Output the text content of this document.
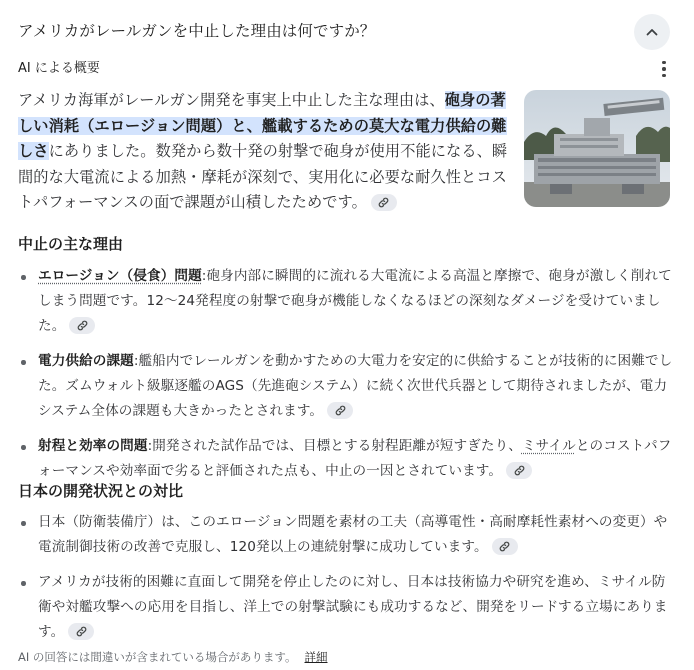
アメリカがレールガンを中止した理由は何ですか？
AI による概要
アメリカ海軍がレールガン開発を事実上中止した主な理由は、砲身の著しい消耗（エロージョン問題）と、艦載するための莫大な電力供給の難しさにありました。数発から数十発の射撃で砲身が使用不能になる、瞬間的な大電流による加熱・摩耗が深刻で、実用化に必要な耐久性とコストパフォーマンスの面で課題が山積したためです。
中止の主な理由
エロージョン（侵食）問題:砲身内部に瞬間的に流れる大電流による高温と摩擦で、砲身が激しく削れてしまう問題です。12〜24発程度の射撃で砲身が機能しなくなるほどの深刻なダメージを受けていました。
電力供給の課題:艦船内でレールガンを動かすための大電力を安定的に供給することが技術的に困難でした。ズムウォルト級駆逐艦のAGS（先進砲システム）に続く次世代兵器として期待されましたが、電力システム全体の課題も大きかったとされます。
射程と効率の問題:開発された試作品では、目標とする射程距離が短すぎたり、ミサイルとのコストパフォーマンスや効率面で劣ると評価された点も、中止の一因とされています。
日本の開発状況との対比
日本（防衛装備庁）は、このエロージョン問題を素材の工夫（高導電性・高耐摩耗性素材への変更）や電流制御技術の改善で克服し、120発以上の連続射撃に成功しています。
アメリカが技術的困難に直面して開発を停止したのに対し、日本は技術協力や研究を進め、ミサイル防衛や対艦攻撃への応用を目指し、洋上での射撃試験にも成功するなど、開発をリードする立場にあります。
AI の回答には間違いが含まれている場合があります。 詳細
